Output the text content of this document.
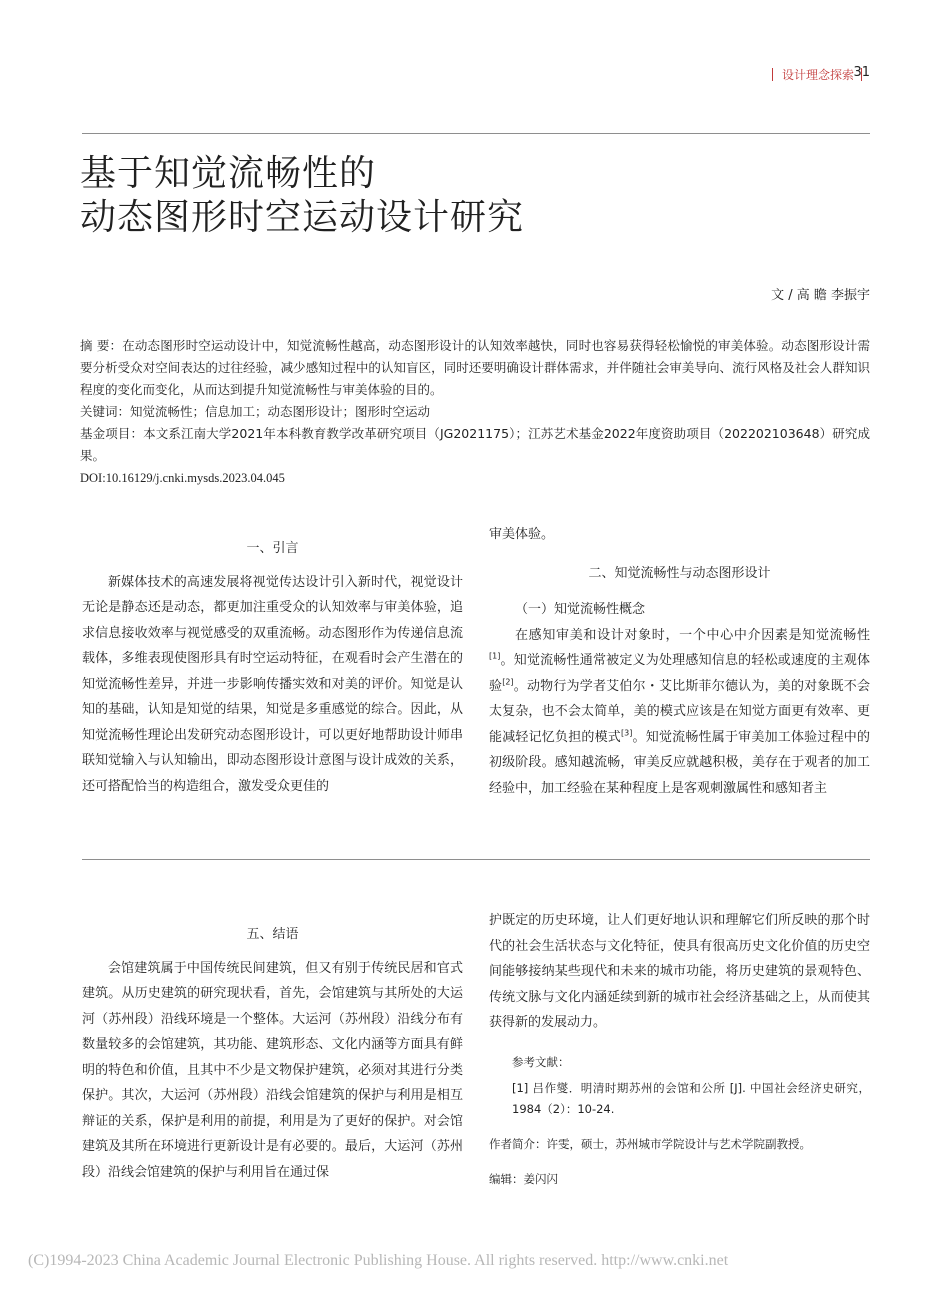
设计理念探索 31
基于知觉流畅性的
动态图形时空运动设计研究
文 / 高 瞻 李振宇

摘 要：在动态图形时空运动设计中，知觉流畅性越高，动态图形设计的认知效率越快，同时也容易获得轻松愉悦的审美体验。动态图形设计需要分析受众对空间表达的过往经验，减少感知过程中的认知盲区，同时还要明确设计群体需求，并伴随社会审美导向、流行风格及社会人群知识程度的变化而变化，从而达到提升知觉流畅性与审美体验的目的。

关键词：知觉流畅性；信息加工；动态图形设计；图形时空运动

基金项目：本文系江南大学2021年本科教育教学改革研究项目（JG2021175）；江苏艺术基金2022年度资助项目（202202103648）研究成果。

DOI:10.16129/j.cnki.mysds.2023.04.045

一、引言

新媒体技术的高速发展将视觉传达设计引入新时代，视觉设计无论是静态还是动态，都更加注重受众的认知效率与审美体验，追求信息接收效率与视觉感受的双重流畅。动态图形作为传递信息流载体，多维表现使图形具有时空运动特征，在观看时会产生潜在的知觉流畅性差异，并进一步影响传播实效和对美的评价。知觉是认知的基础，认知是知觉的结果，知觉是多重感觉的综合。因此，从知觉流畅性理论出发研究动态图形设计，可以更好地帮助设计师串联知觉输入与认知输出，即动态图形设计意图与设计成效的关系，还可搭配恰当的构造组合，激发受众更佳的

审美体验。

二、知觉流畅性与动态图形设计

（一）知觉流畅性概念

在感知审美和设计对象时，一个中心中介因素是知觉流畅性[1]。知觉流畅性通常被定义为处理感知信息的轻松或速度的主观体验[2]。动物行为学者艾伯尔・艾比斯菲尔德认为，美的对象既不会太复杂，也不会太简单，美的模式应该是在知觉方面更有效率、更能减轻记忆负担的模式[3]。知觉流畅性属于审美加工体验过程中的初级阶段。感知越流畅，审美反应就越积极，美存在于观者的加工经验中，加工经验在某种程度上是客观刺激属性和感知者主

五、结语

会馆建筑属于中国传统民间建筑，但又有别于传统民居和官式建筑。从历史建筑的研究现状看，首先，会馆建筑与其所处的大运河（苏州段）沿线环境是一个整体。大运河（苏州段）沿线分布有数量较多的会馆建筑，其功能、建筑形态、文化内涵等方面具有鲜明的特色和价值，且其中不少是文物保护建筑，必须对其进行分类保护。其次，大运河（苏州段）沿线会馆建筑的保护与利用是相互辩证的关系，保护是利用的前提，利用是为了更好的保护。对会馆建筑及其所在环境进行更新设计是有必要的。最后，大运河（苏州段）沿线会馆建筑的保护与利用旨在通过保

护既定的历史环境，让人们更好地认识和理解它们所反映的那个时代的社会生活状态与文化特征，使具有很高历史文化价值的历史空间能够接纳某些现代和未来的城市功能，将历史建筑的景观特色、传统文脉与文化内涵延续到新的城市社会经济基础之上，从而使其获得新的发展动力。

参考文献：

[1] 吕作燮．明清时期苏州的会馆和公所 [J]. 中国社会经济史研究，1984（2）：10-24.

作者简介：许雯，硕士，苏州城市学院设计与艺术学院副教授。

编辑：姜闪闪

(C)1994-2023 China Academic Journal Electronic Publishing House. All rights reserved. http://www.cnki.net
